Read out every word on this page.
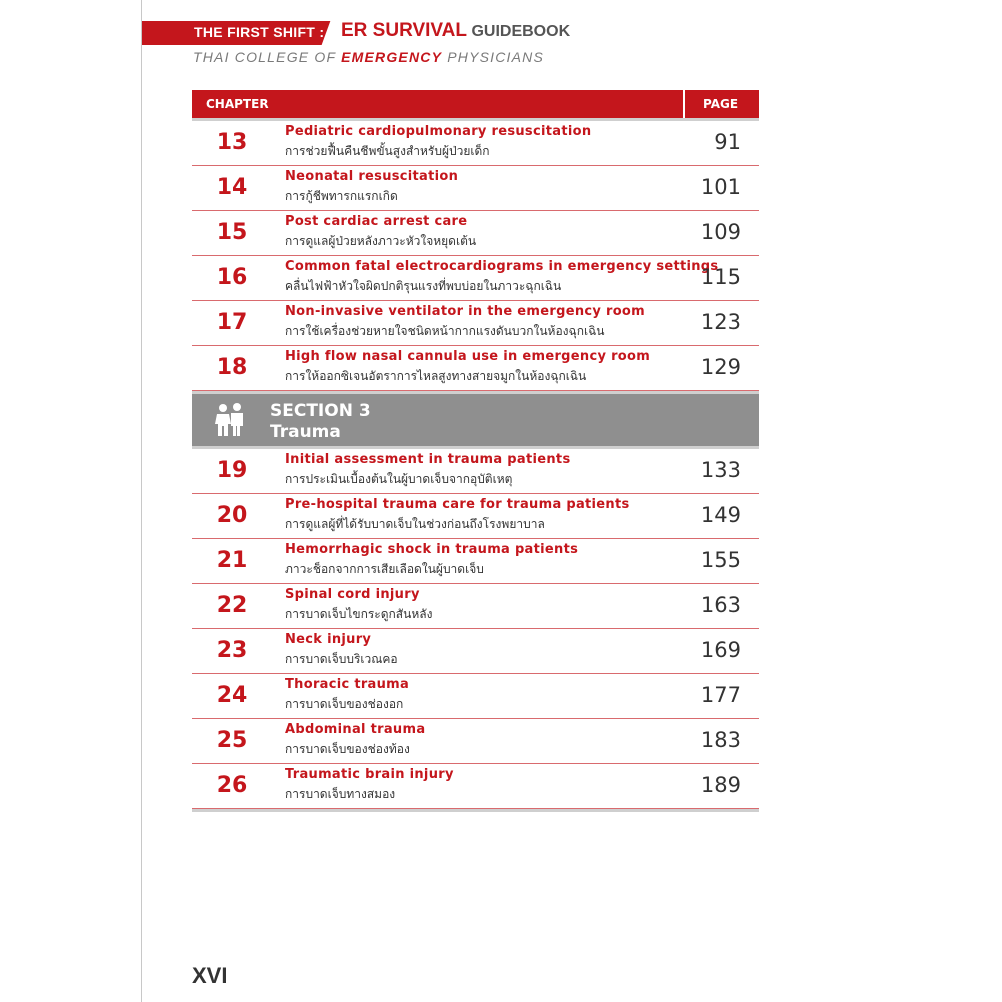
THE FIRST SHIFT : ER SURVIVAL GUIDEBOOK
THAI COLLEGE OF EMERGENCY PHYSICIANS
CHAPTER	PAGE
13	Pediatric cardiopulmonary resuscitation
การช่วยฟื้นคืนชีพขั้นสูงสำหรับผู้ป่วยเด็ก	91
14	Neonatal resuscitation
การกู้ชีพทารกแรกเกิด	101
15	Post cardiac arrest care
การดูแลผู้ป่วยหลังภาวะหัวใจหยุดเต้น	109
16	Common fatal electrocardiograms in emergency settings
คลื่นไฟฟ้าหัวใจผิดปกติรุนแรงที่พบบ่อยในภาวะฉุกเฉิน	115
17	Non-invasive ventilator in the emergency room
การใช้เครื่องช่วยหายใจชนิดหน้ากากแรงดันบวกในห้องฉุกเฉิน	123
18	High flow nasal cannula use in emergency room
การให้ออกซิเจนอัตราการไหลสูงทางสายจมูกในห้องฉุกเฉิน	129
SECTION 3
Trauma
19	Initial assessment in trauma patients
การประเมินเบื้องต้นในผู้บาดเจ็บจากอุบัติเหตุ	133
20	Pre-hospital trauma care for trauma patients
การดูแลผู้ที่ได้รับบาดเจ็บในช่วงก่อนถึงโรงพยาบาล	149
21	Hemorrhagic shock in trauma patients
ภาวะช็อกจากการเสียเลือดในผู้บาดเจ็บ	155
22	Spinal cord injury
การบาดเจ็บไขกระดูกสันหลัง	163
23	Neck injury
การบาดเจ็บบริเวณคอ	169
24	Thoracic trauma
การบาดเจ็บของช่องอก	177
25	Abdominal trauma
การบาดเจ็บของช่องท้อง	183
26	Traumatic brain injury
การบาดเจ็บทางสมอง	189
XVI
